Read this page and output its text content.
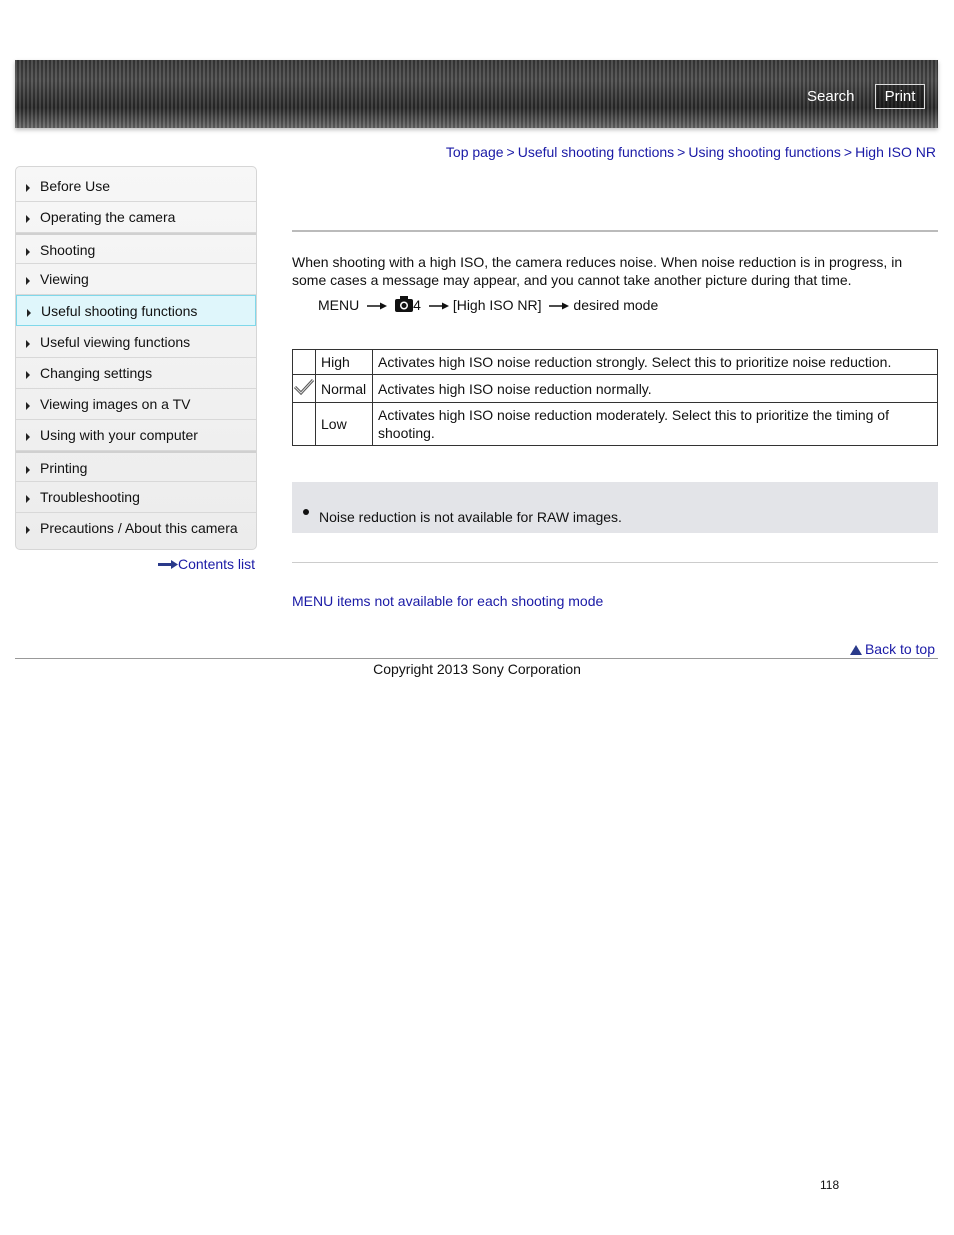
Search	Print
Top page > Useful shooting functions > Using shooting functions > High ISO NR
Before Use
Operating the camera
Shooting
Viewing
Useful shooting functions
Useful viewing functions
Changing settings
Viewing images on a TV
Using with your computer
Printing
Troubleshooting
Precautions / About this camera
Contents list
When shooting with a high ISO, the camera reduces noise. When noise reduction is in progress, in some cases a message may appear, and you cannot take another picture during that time.
MENU	4 [High ISO NR] desired mode
	High	Activates high ISO noise reduction strongly. Select this to prioritize noise reduction.
	Normal	Activates high ISO noise reduction normally.
	Low	Activates high ISO noise reduction moderately. Select this to prioritize the timing of shooting.
Noise reduction is not available for RAW images.
MENU items not available for each shooting mode
Back to top
Copyright 2013 Sony Corporation
118
